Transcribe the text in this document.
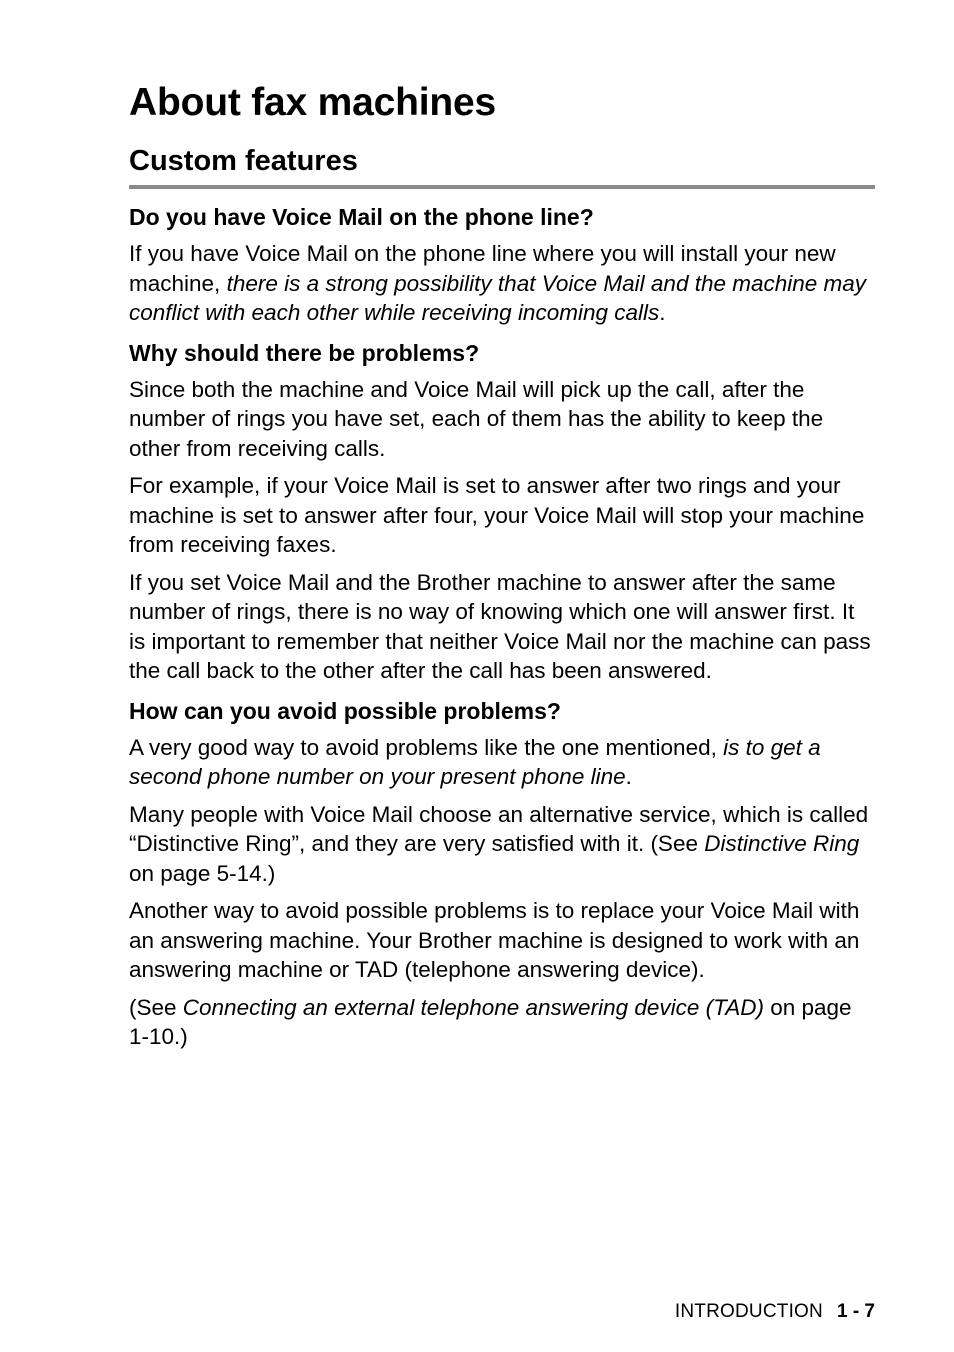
About fax machines
Custom features
Do you have Voice Mail on the phone line?

If you have Voice Mail on the phone line where you will install your new machine, there is a strong possibility that Voice Mail and the machine may conflict with each other while receiving incoming calls.

Why should there be problems?

Since both the machine and Voice Mail will pick up the call, after the number of rings you have set, each of them has the ability to keep the other from receiving calls.

For example, if your Voice Mail is set to answer after two rings and your machine is set to answer after four, your Voice Mail will stop your machine from receiving faxes.

If you set Voice Mail and the Brother machine to answer after the same number of rings, there is no way of knowing which one will answer first. It is important to remember that neither Voice Mail nor the machine can pass the call back to the other after the call has been answered.

How can you avoid possible problems?

A very good way to avoid problems like the one mentioned, is to get a second phone number on your present phone line.

Many people with Voice Mail choose an alternative service, which is called “Distinctive Ring”, and they are very satisfied with it. (See Distinctive Ring on page 5-14.)

Another way to avoid possible problems is to replace your Voice Mail with an answering machine. Your Brother machine is designed to work with an answering machine or TAD (telephone answering device).

(See Connecting an external telephone answering device (TAD) on page 1-10.)

INTRODUCTION 1 - 7
